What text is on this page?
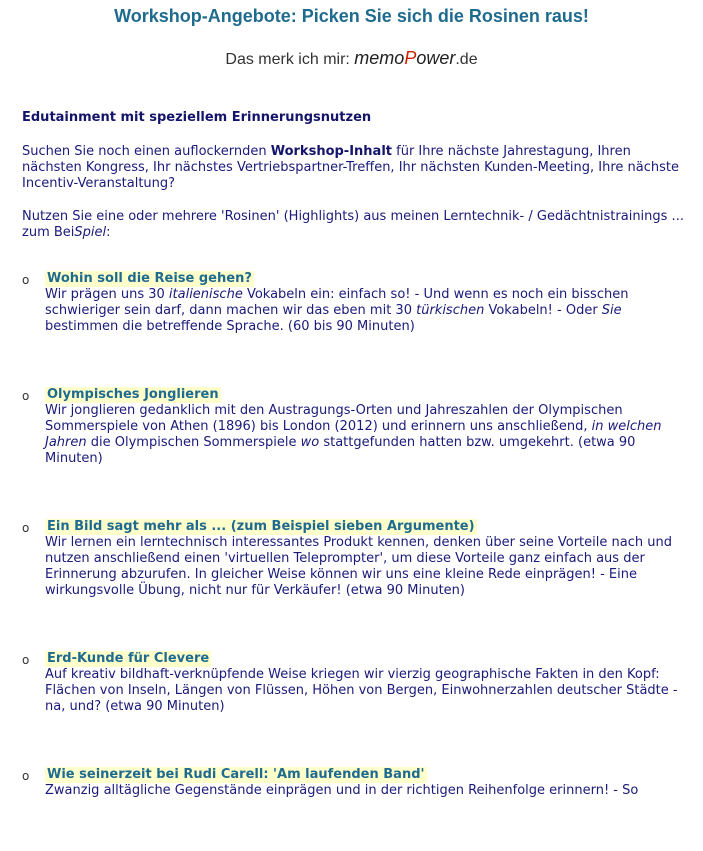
Workshop-Angebote: Picken Sie sich die Rosinen raus!
Das merk ich mir: memoPower.de
Edutainment mit speziellem Erinnerungsnutzen

Suchen Sie noch einen auflockernden Workshop-Inhalt für Ihre nächste Jahrestagung, Ihren nächsten Kongress, Ihr nächstes Vertriebspartner-Treffen, Ihr nächsten Kunden-Meeting, Ihre nächste Incentiv-Veranstaltung?

Nutzen Sie eine oder mehrere 'Rosinen' (Highlights) aus meinen Lerntechnik- / Gedächtnistrainings ... zum BeiSpiel:

o Wohin soll die Reise gehen?
Wir prägen uns 30 italienische Vokabeln ein: einfach so! - Und wenn es noch ein bisschen schwieriger sein darf, dann machen wir das eben mit 30 türkischen Vokabeln! - Oder Sie bestimmen die betreffende Sprache. (60 bis 90 Minuten)
o Olympisches Jonglieren
Wir jonglieren gedanklich mit den Austragungs-Orten und Jahreszahlen der Olympischen Sommerspiele von Athen (1896) bis London (2012) und erinnern uns anschließend, in welchen Jahren die Olympischen Sommerspiele wo stattgefunden hatten bzw. umgekehrt. (etwa 90 Minuten)
o Ein Bild sagt mehr als ... (zum Beispiel sieben Argumente)
Wir lernen ein lerntechnisch interessantes Produkt kennen, denken über seine Vorteile nach und nutzen anschließend einen 'virtuellen Teleprompter', um diese Vorteile ganz einfach aus der Erinnerung abzurufen. In gleicher Weise können wir uns eine kleine Rede einprägen! - Eine wirkungsvolle Übung, nicht nur für Verkäufer! (etwa 90 Minuten)
o Erd-Kunde für Clevere
Auf kreativ bildhaft-verknüpfende Weise kriegen wir vierzig geographische Fakten in den Kopf: Flächen von Inseln, Längen von Flüssen, Höhen von Bergen, Einwohnerzahlen deutscher Städte - na, und? (etwa 90 Minuten)
o Wie seinerzeit bei Rudi Carell: 'Am laufenden Band'
Zwanzig alltägliche Gegenstände einprägen und in der richtigen Reihenfolge erinnern! - So
